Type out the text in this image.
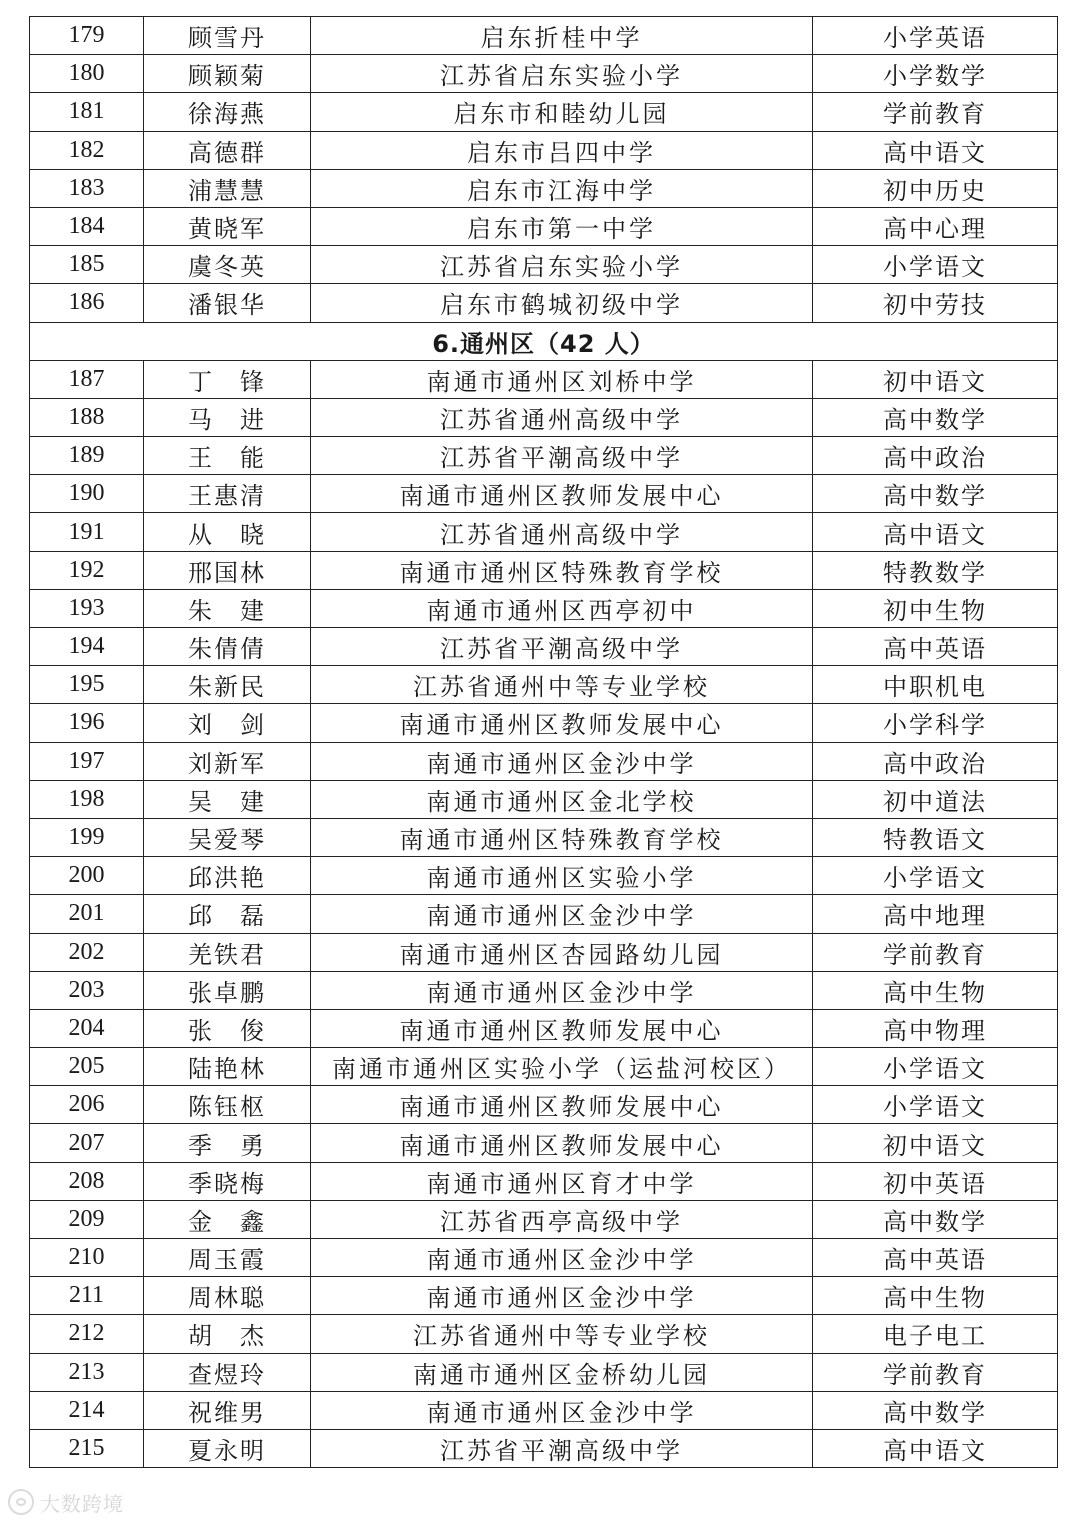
179	顾雪丹	启东折桂中学	小学英语
180	顾颖菊	江苏省启东实验小学	小学数学
181	徐海燕	启东市和睦幼儿园	学前教育
182	高德群	启东市吕四中学	高中语文
183	浦慧慧	启东市江海中学	初中历史
184	黄晓军	启东市第一中学	高中心理
185	虞冬英	江苏省启东实验小学	小学语文
186	潘银华	启东市鹤城初级中学	初中劳技
6.通州区（42 人）			
187	丁　锋	南通市通州区刘桥中学	初中语文
188	马　进	江苏省通州高级中学	高中数学
189	王　能	江苏省平潮高级中学	高中政治
190	王惠清	南通市通州区教师发展中心	高中数学
191	从　晓	江苏省通州高级中学	高中语文
192	邢国林	南通市通州区特殊教育学校	特教数学
193	朱　建	南通市通州区西亭初中	初中生物
194	朱倩倩	江苏省平潮高级中学	高中英语
195	朱新民	江苏省通州中等专业学校	中职机电
196	刘　剑	南通市通州区教师发展中心	小学科学
197	刘新军	南通市通州区金沙中学	高中政治
198	吴　建	南通市通州区金北学校	初中道法
199	吴爱琴	南通市通州区特殊教育学校	特教语文
200	邱洪艳	南通市通州区实验小学	小学语文
201	邱　磊	南通市通州区金沙中学	高中地理
202	羌铁君	南通市通州区杏园路幼儿园	学前教育
203	张卓鹏	南通市通州区金沙中学	高中生物
204	张　俊	南通市通州区教师发展中心	高中物理
205	陆艳林	南通市通州区实验小学（运盐河校区）	小学语文
206	陈钰枢	南通市通州区教师发展中心	小学语文
207	季　勇	南通市通州区教师发展中心	初中语文
208	季晓梅	南通市通州区育才中学	初中英语
209	金　鑫	江苏省西亭高级中学	高中数学
210	周玉霞	南通市通州区金沙中学	高中英语
211	周林聪	南通市通州区金沙中学	高中生物
212	胡　杰	江苏省通州中等专业学校	电子电工
213	查煜玲	南通市通州区金桥幼儿园	学前教育
214	祝维男	南通市通州区金沙中学	高中数学
215	夏永明	江苏省平潮高级中学	高中语文
大数跨境
